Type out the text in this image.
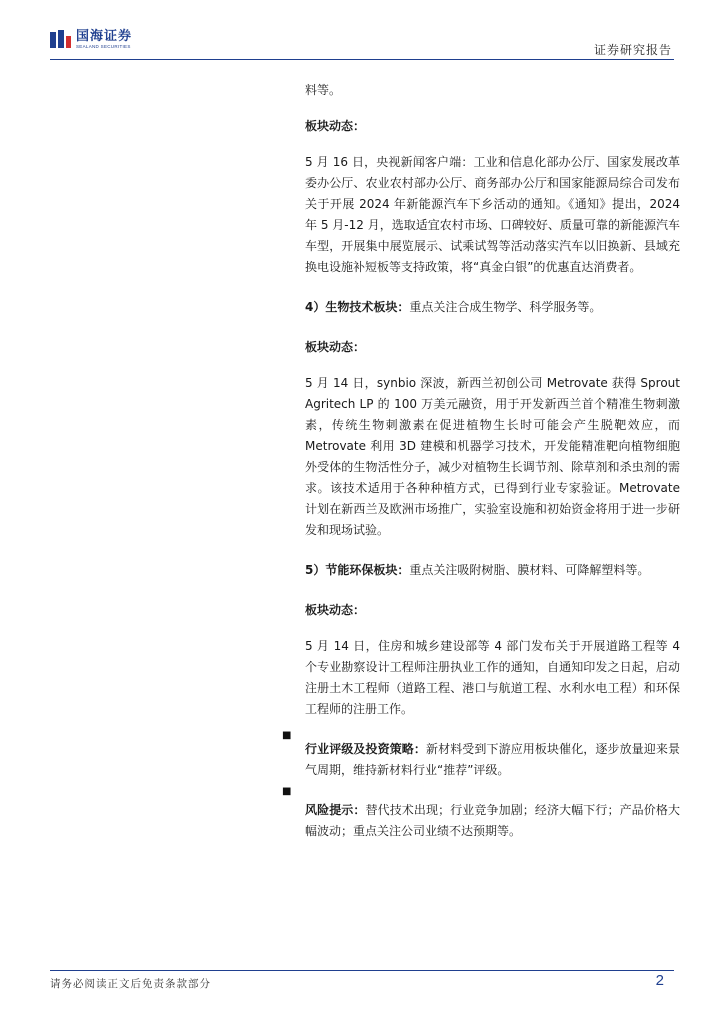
国海证券
SEALAND SECURITIES	证券研究报告

料等。

板块动态：

5 月 16 日，央视新闻客户端：工业和信息化部办公厅、国家发展改革委办公厅、农业农村部办公厅、商务部办公厅和国家能源局综合司发布关于开展 2024 年新能源汽车下乡活动的通知。《通知》提出，2024 年 5 月-12 月，选取适宜农村市场、口碑较好、质量可靠的新能源汽车车型，开展集中展览展示、试乘试驾等活动落实汽车以旧换新、县域充换电设施补短板等支持政策，将“真金白银”的优惠直达消费者。

4）生物技术板块：重点关注合成生物学、科学服务等。

板块动态：

5 月 14 日，synbio 深波，新西兰初创公司 Metrovate 获得 Sprout Agritech LP 的 100 万美元融资，用于开发新西兰首个精准生物刺激素，传统生物刺激素在促进植物生长时可能会产生脱靶效应，而 Metrovate 利用 3D 建模和机器学习技术，开发能精准靶向植物细胞外受体的生物活性分子，减少对植物生长调节剂、除草剂和杀虫剂的需求。该技术适用于各种种植方式，已得到行业专家验证。Metrovate 计划在新西兰及欧洲市场推广，实验室设施和初始资金将用于进一步研发和现场试验。

5）节能环保板块：重点关注吸附树脂、膜材料、可降解塑料等。

板块动态：

5 月 14 日，住房和城乡建设部等 4 部门发布关于开展道路工程等 4 个专业勘察设计工程师注册执业工作的通知，自通知印发之日起，启动注册土木工程师（道路工程、港口与航道工程、水利水电工程）和环保工程师的注册工作。

行业评级及投资策略：新材料受到下游应用板块催化，逐步放量迎来景气周期，维持新材料行业“推荐”评级。

风险提示：替代技术出现；行业竞争加剧；经济大幅下行；产品价格大幅波动；重点关注公司业绩不达预期等。

■
■
请务必阅读正文后免责条款部分	2
